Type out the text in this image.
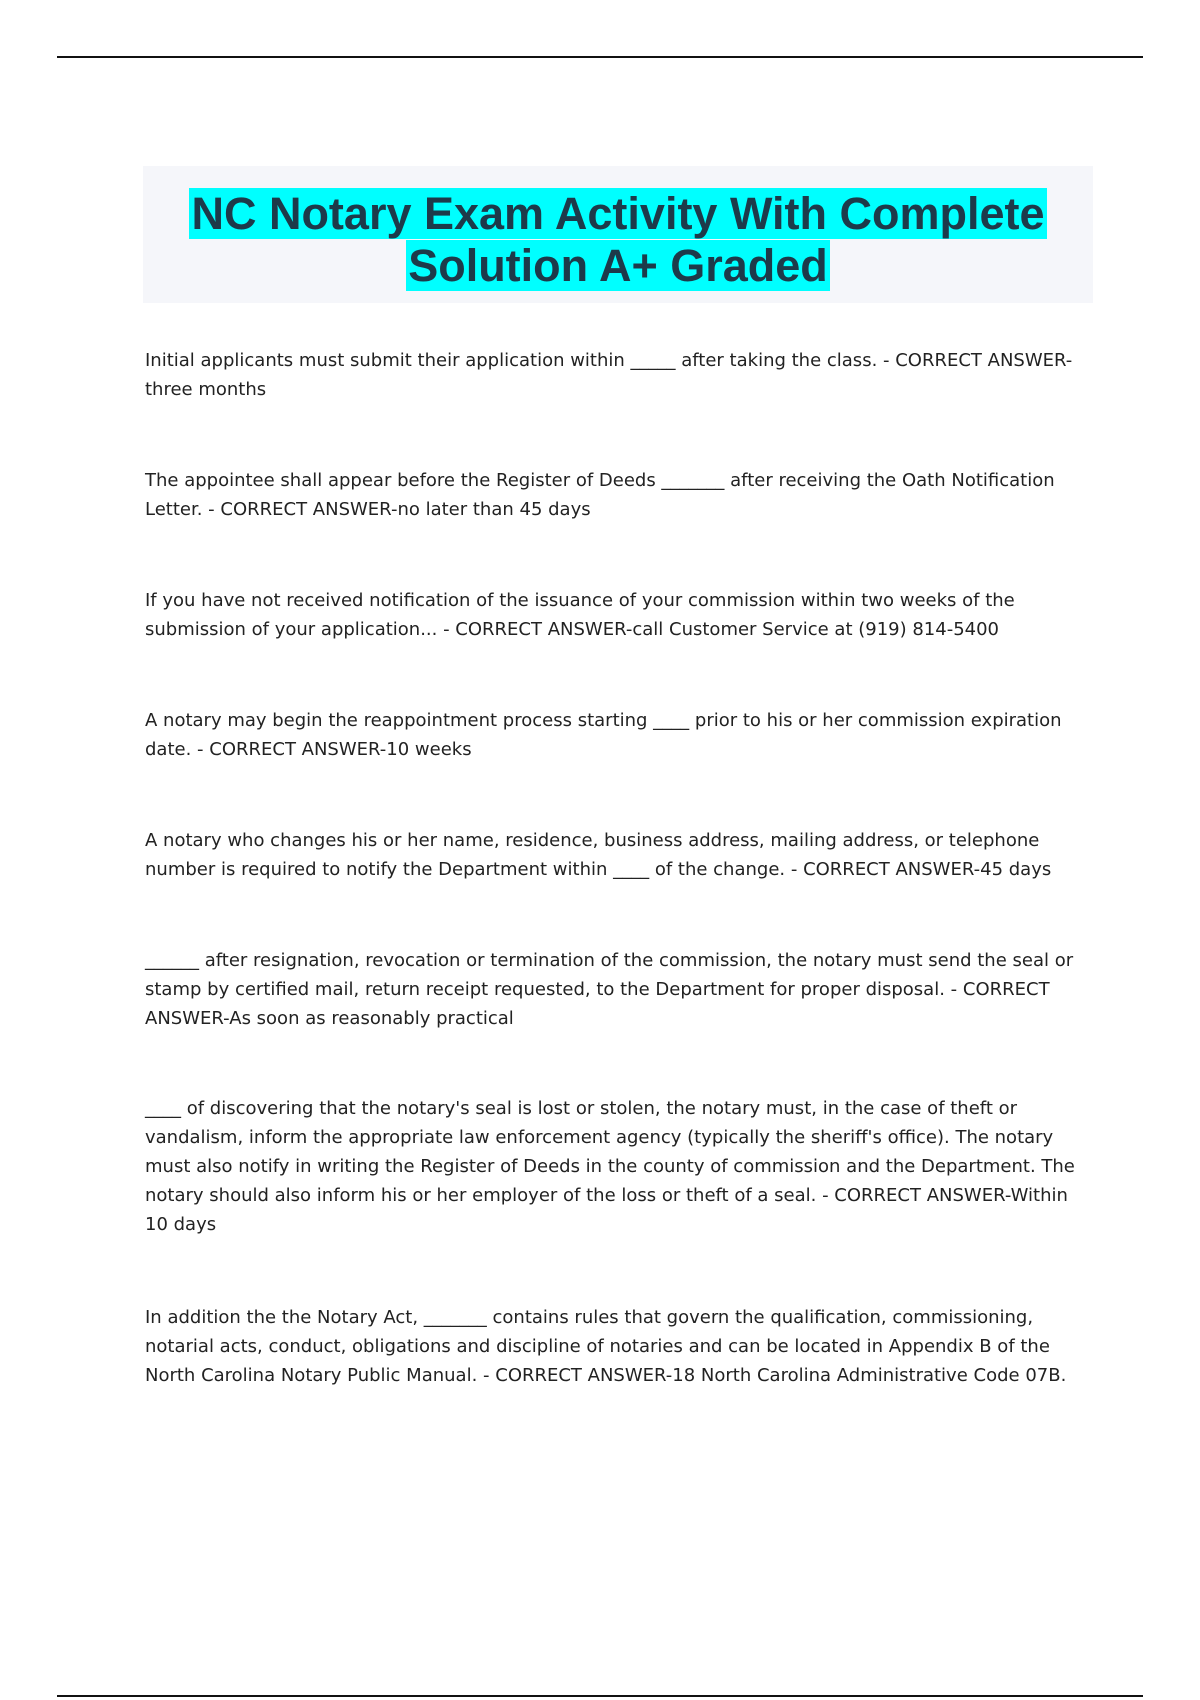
NC Notary Exam Activity With Complete
Solution A+ Graded

Initial applicants must submit their application within _____ after taking the class. - CORRECT ANSWER-three months

The appointee shall appear before the Register of Deeds _______ after receiving the Oath Notification Letter. - CORRECT ANSWER-no later than 45 days

If you have not received notification of the issuance of your commission within two weeks of the submission of your application... - CORRECT ANSWER-call Customer Service at (919) 814-5400

A notary may begin the reappointment process starting ____ prior to his or her commission expiration date. - CORRECT ANSWER-10 weeks

A notary who changes his or her name, residence, business address, mailing address, or telephone number is required to notify the Department within ____ of the change. - CORRECT ANSWER-45 days

______ after resignation, revocation or termination of the commission, the notary must send the seal or stamp by certified mail, return receipt requested, to the Department for proper disposal. - CORRECT ANSWER-As soon as reasonably practical

____ of discovering that the notary's seal is lost or stolen, the notary must, in the case of theft or vandalism, inform the appropriate law enforcement agency (typically the sheriff's office). The notary must also notify in writing the Register of Deeds in the county of commission and the Department. The notary should also inform his or her employer of the loss or theft of a seal. - CORRECT ANSWER-Within 10 days

In addition the the Notary Act, _______ contains rules that govern the qualification, commissioning, notarial acts, conduct, obligations and discipline of notaries and can be located in Appendix B of the North Carolina Notary Public Manual. - CORRECT ANSWER-18 North Carolina Administrative Code 07B.
